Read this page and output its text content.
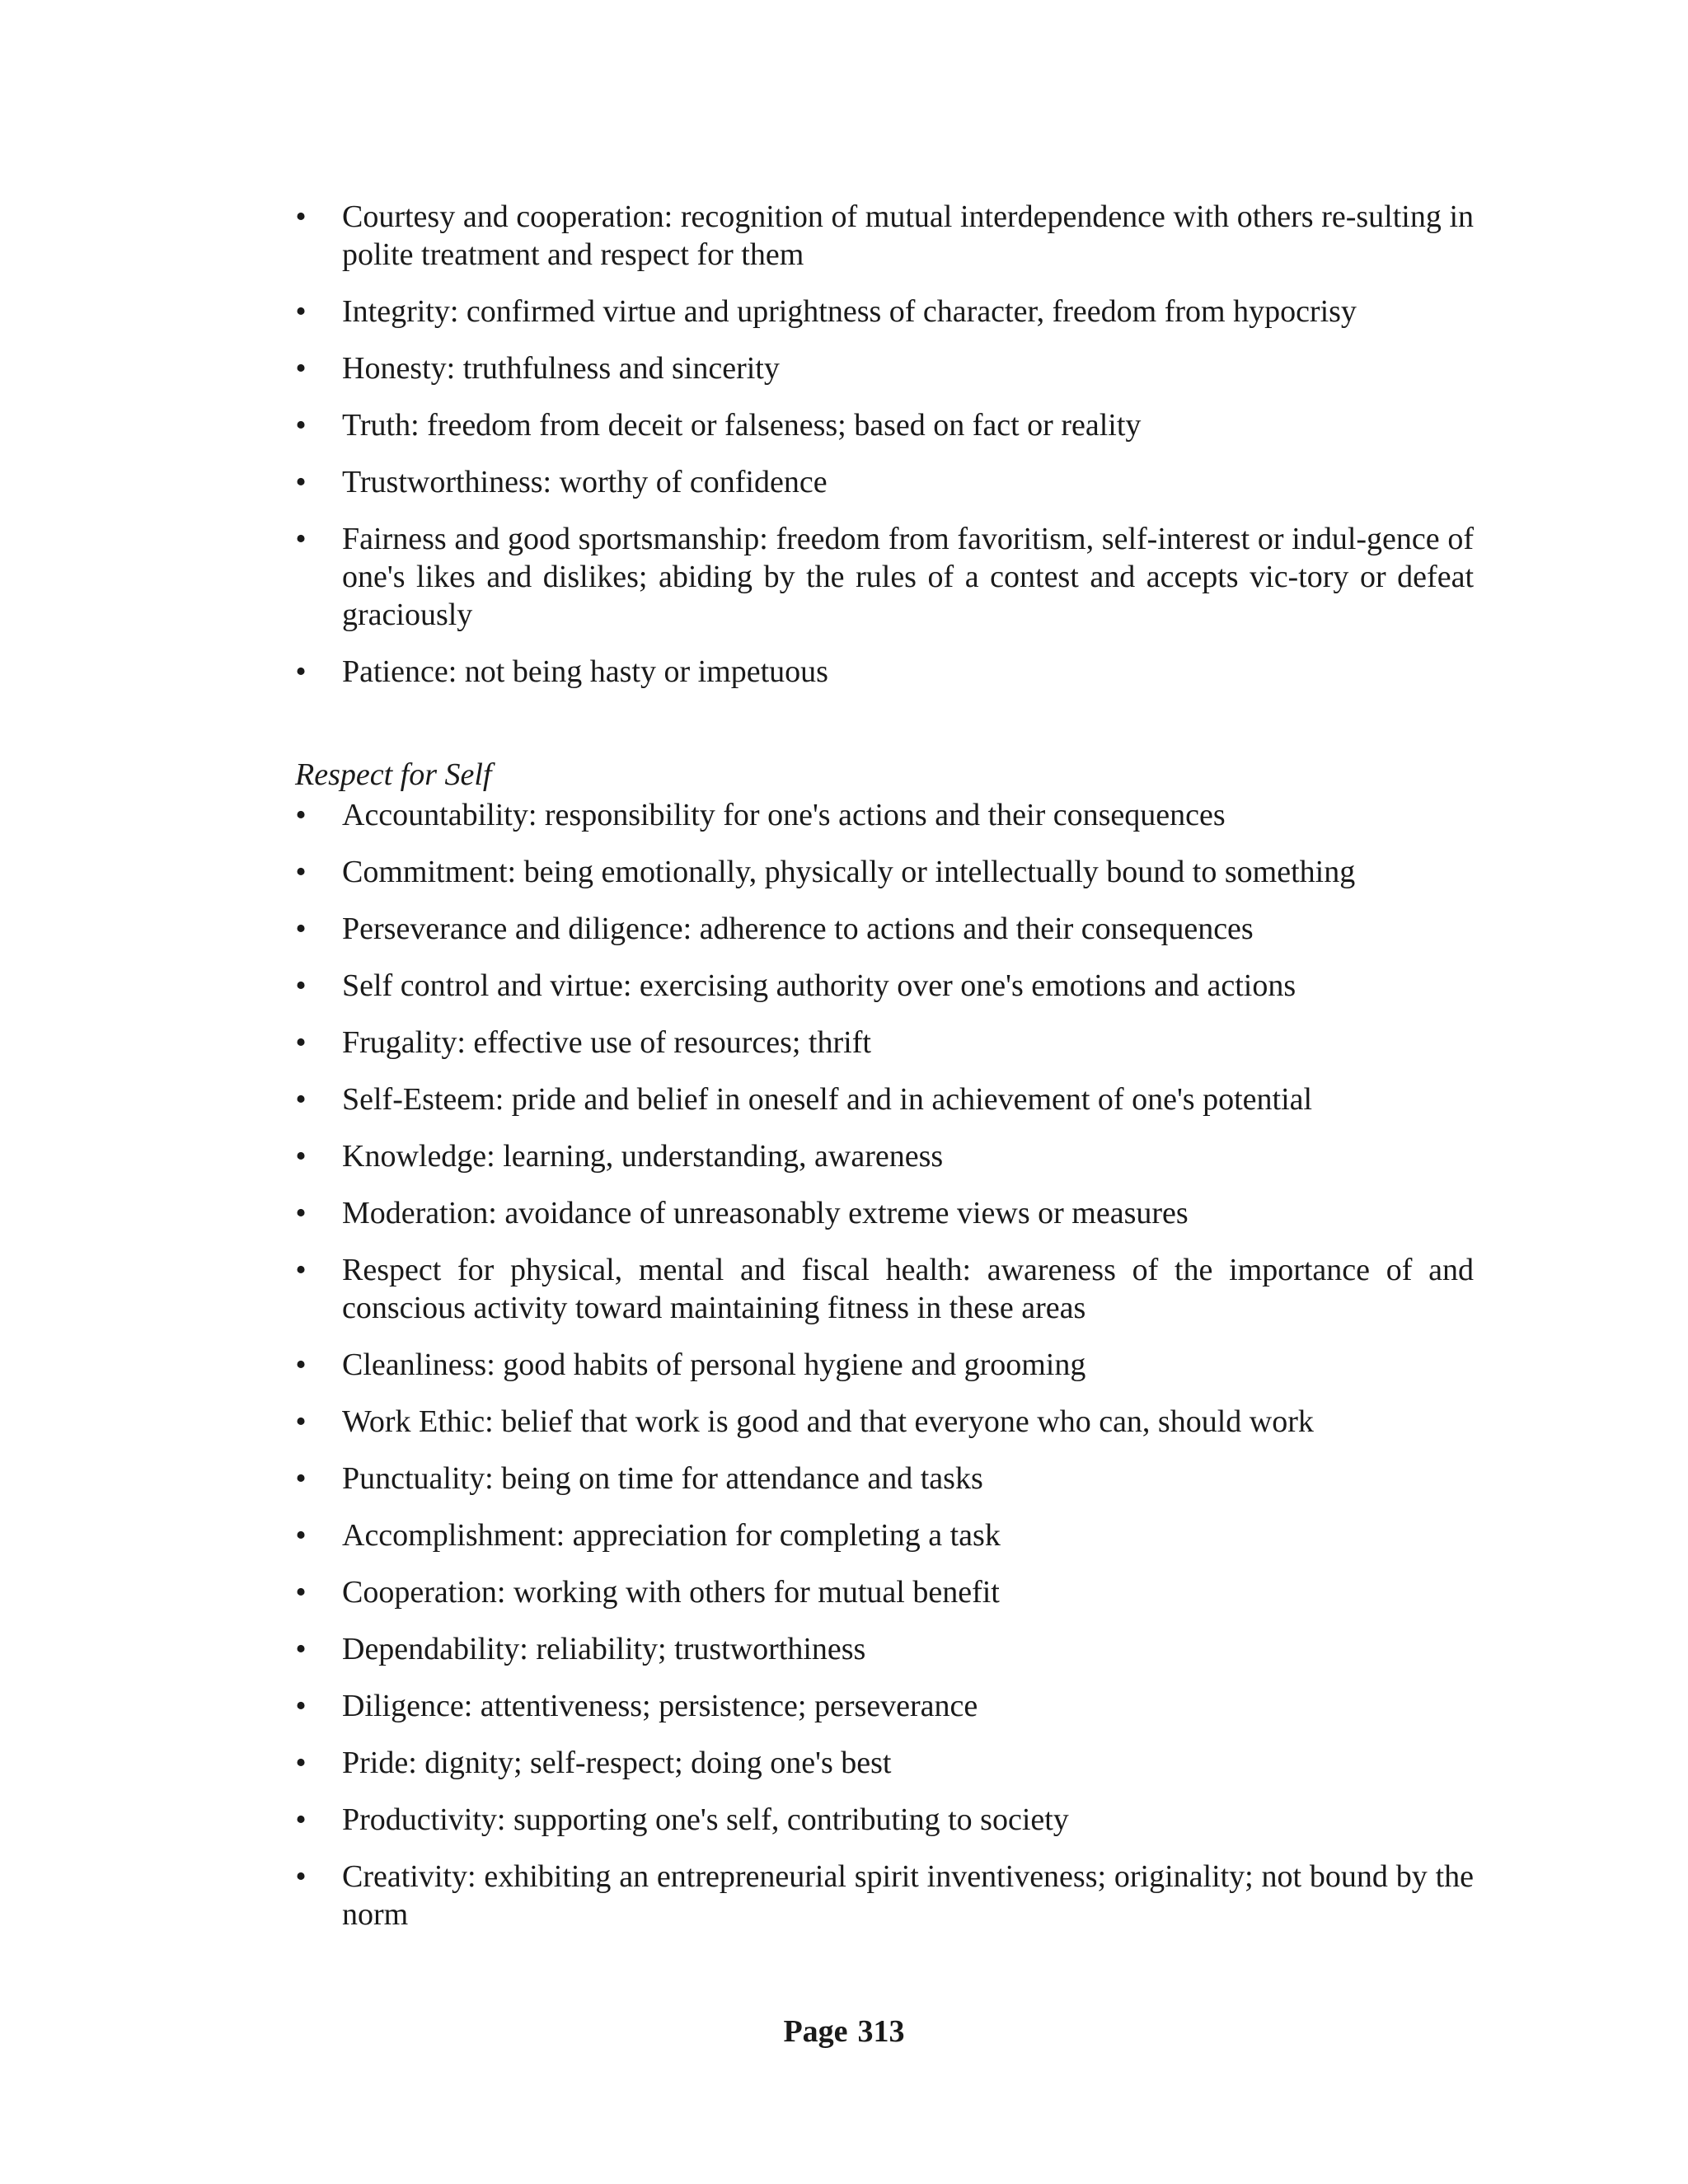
• Courtesy and cooperation: recognition of mutual interdependence with others re-sulting in polite treatment and respect for them
• Integrity: confirmed virtue and uprightness of character, freedom from hypocrisy
• Honesty: truthfulness and sincerity
• Truth: freedom from deceit or falseness; based on fact or reality
• Trustworthiness: worthy of confidence
• Fairness and good sportsmanship: freedom from favoritism, self-interest or indul-gence of one's likes and dislikes; abiding by the rules of a contest and accepts vic-tory or defeat graciously
• Patience: not being hasty or impetuous
Respect for Self
• Accountability: responsibility for one's actions and their consequences
• Commitment: being emotionally, physically or intellectually bound to something
• Perseverance and diligence: adherence to actions and their consequences
• Self control and virtue: exercising authority over one's emotions and actions
• Frugality: effective use of resources; thrift
• Self-Esteem: pride and belief in oneself and in achievement of one's potential
• Knowledge: learning, understanding, awareness
• Moderation: avoidance of unreasonably extreme views or measures
• Respect for physical, mental and fiscal health: awareness of the importance of and conscious activity toward maintaining fitness in these areas
• Cleanliness: good habits of personal hygiene and grooming
• Work Ethic: belief that work is good and that everyone who can, should work
• Punctuality: being on time for attendance and tasks
• Accomplishment: appreciation for completing a task
• Cooperation: working with others for mutual benefit
• Dependability: reliability; trustworthiness
• Diligence: attentiveness; persistence; perseverance
• Pride: dignity; self-respect; doing one's best
• Productivity: supporting one's self, contributing to society
• Creativity: exhibiting an entrepreneurial spirit inventiveness; originality; not bound by the norm
Page 313
